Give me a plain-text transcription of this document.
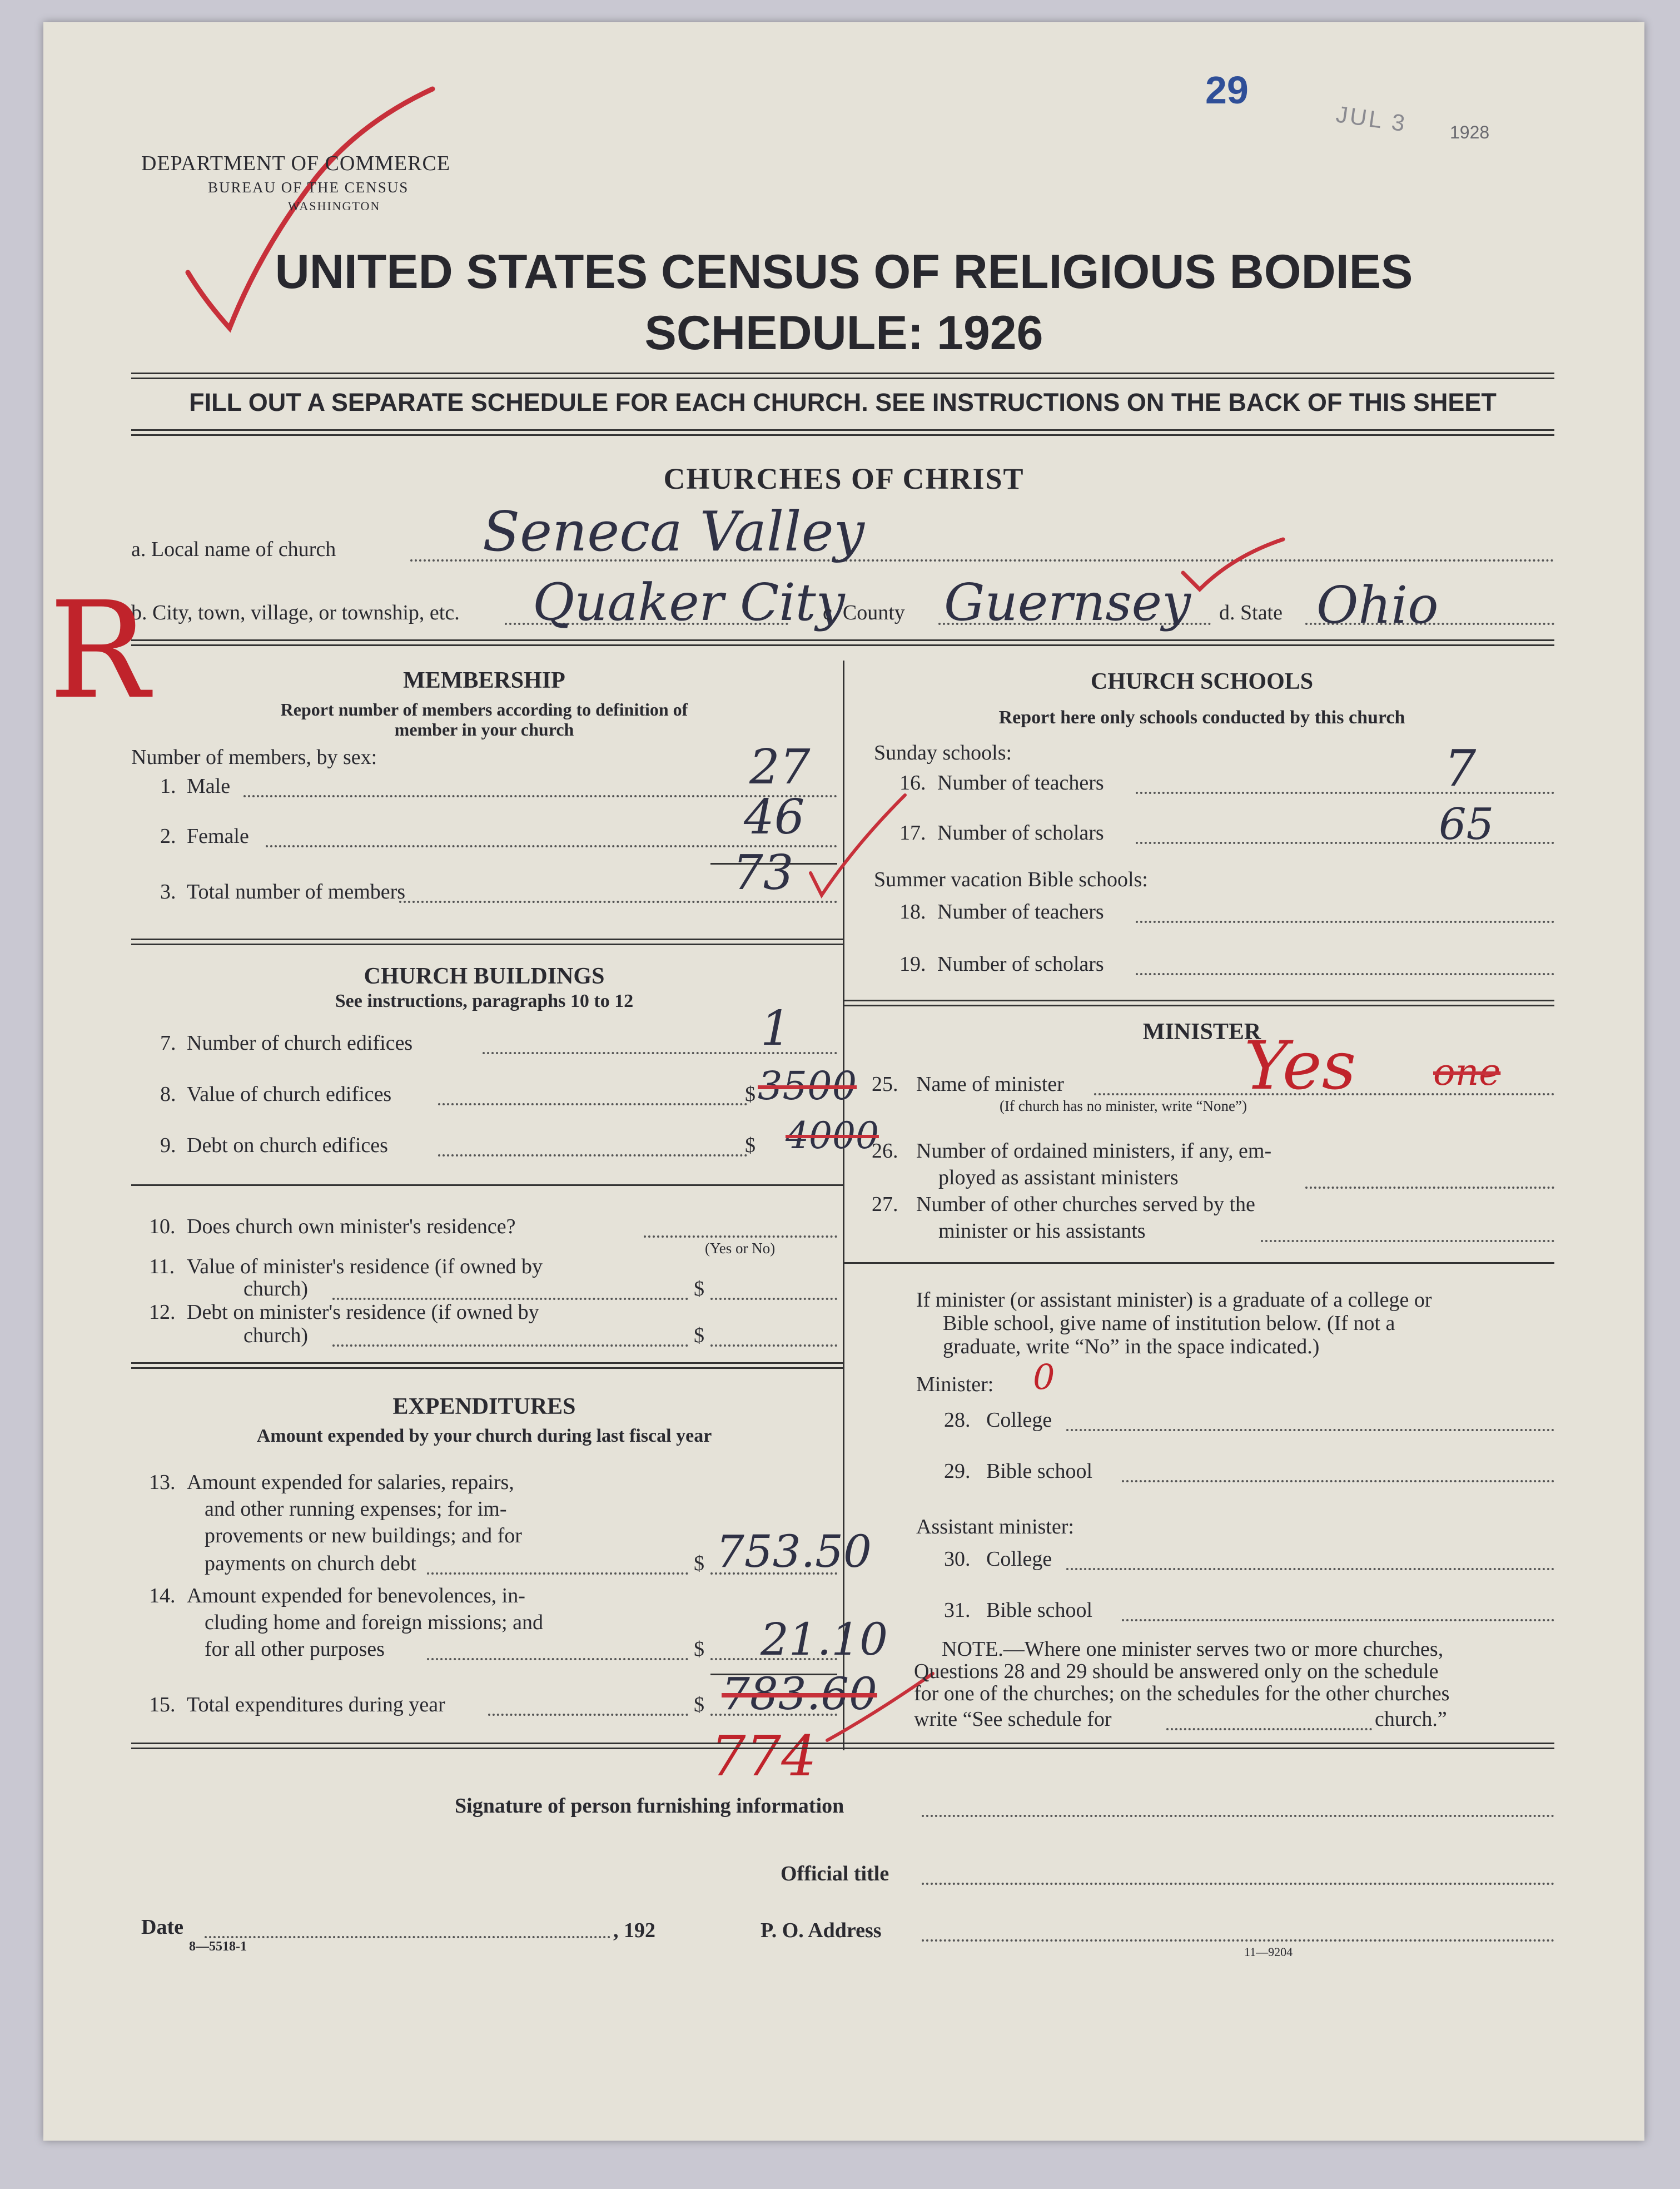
29
JUL 3 1928
DEPARTMENT OF COMMERCE
BUREAU OF THE CENSUS
WASHINGTON
UNITED STATES CENSUS OF RELIGIOUS BODIES
SCHEDULE: 1926
FILL OUT A SEPARATE SCHEDULE FOR EACH CHURCH. SEE INSTRUCTIONS ON THE BACK OF THIS SHEET
CHURCHES OF CHRIST
a. Local name of church	Seneca Valley
b. City, town, village, or township, etc. Quaker City
c. County Guernsey d. State Ohio
R	MEMBERSHIP
Report number of members according to definition of
member in your church
Number of members, by sex:
1. Male	27
2. Female	46
3. Total number of members	73
CHURCH BUILDINGS
See instructions, paragraphs 10 to 12
7. Number of church edifices	1
8. Value of church edifices	$ 3500
9. Debt on church edifices	$ 4000
10. Does church own minister's residence?
(Yes or No)
11. Value of minister's residence (if owned by
church)	$
12. Debt on minister's residence (if owned by
church)	$
EXPENDITURES
Amount expended by your church during last fiscal year
13. Amount expended for salaries, repairs,
and other running expenses; for im-
provements or new buildings; and for
payments on church debt	$ 753.50
14. Amount expended for benevolences, in-
cluding home and foreign missions; and
for all other purposes	$ 21.10
15. Total expenditures during year	$ 783.60
774
CHURCH SCHOOLS
Report here only schools conducted by this church
Sunday schools:
16. Number of teachers	7
17. Number of scholars	65
Summer vacation Bible schools:
18. Number of teachers
19. Number of scholars
MINISTER
25. Name of minister
(If church has no minister, write “None”)
Yes one
26. Number of ordained ministers, if any, em-
ployed as assistant ministers
27. Number of other churches served by the
minister or his assistants
If minister (or assistant minister) is a graduate of a college or
Bible school, give name of institution below. (If not a
graduate, write “No” in the space indicated.)
Minister: 0
28. College
29. Bible school
Assistant minister:
30. College
31. Bible school
NOTE.—Where one minister serves two or more churches,
Questions 28 and 29 should be answered only on the schedule
for one of the churches; on the schedules for the other churches
write “See schedule for	church.”
Signature of person furnishing information
Official title
Date	, 192
8—5518-1
P. O. Address
11—9204
